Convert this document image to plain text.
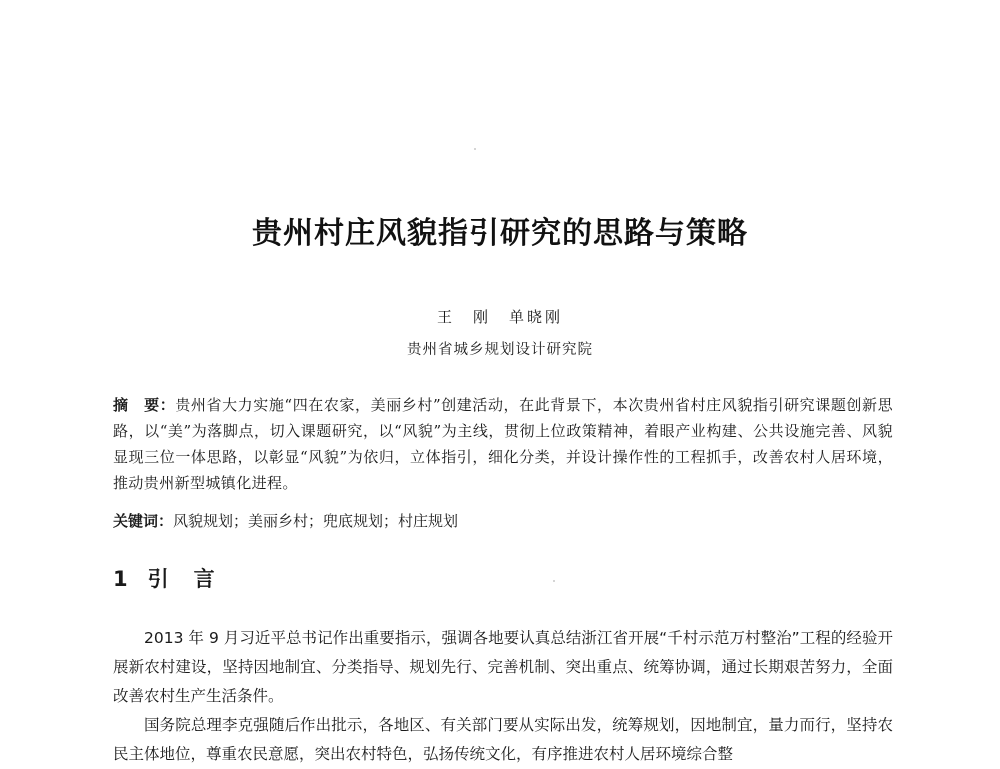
贵州村庄风貌指引研究的思路与策略
王　刚　单晓刚
贵州省城乡规划设计研究院
摘　要：贵州省大力实施“四在农家，美丽乡村”创建活动，在此背景下，本次贵州省村庄风貌指引研究课题创新思路，以“美”为落脚点，切入课题研究，以“风貌”为主线，贯彻上位政策精神，着眼产业构建、公共设施完善、风貌显现三位一体思路，以彰显“风貌”为依归，立体指引，细化分类，并设计操作性的工程抓手，改善农村人居环境，推动贵州新型城镇化进程。
关键词：风貌规划；美丽乡村；兜底规划；村庄规划
1 引　言

2013 年 9 月习近平总书记作出重要指示，强调各地要认真总结浙江省开展“千村示范万村整治”工程的经验开展新农村建设，坚持因地制宜、分类指导、规划先行、完善机制、突出重点、统筹协调，通过长期艰苦努力，全面改善农村生产生活条件。

国务院总理李克强随后作出批示，各地区、有关部门要从实际出发，统筹规划，因地制宜，量力而行，坚持农民主体地位，尊重农民意愿，突出农村特色，弘扬传统文化，有序推进农村人居环境综合整
